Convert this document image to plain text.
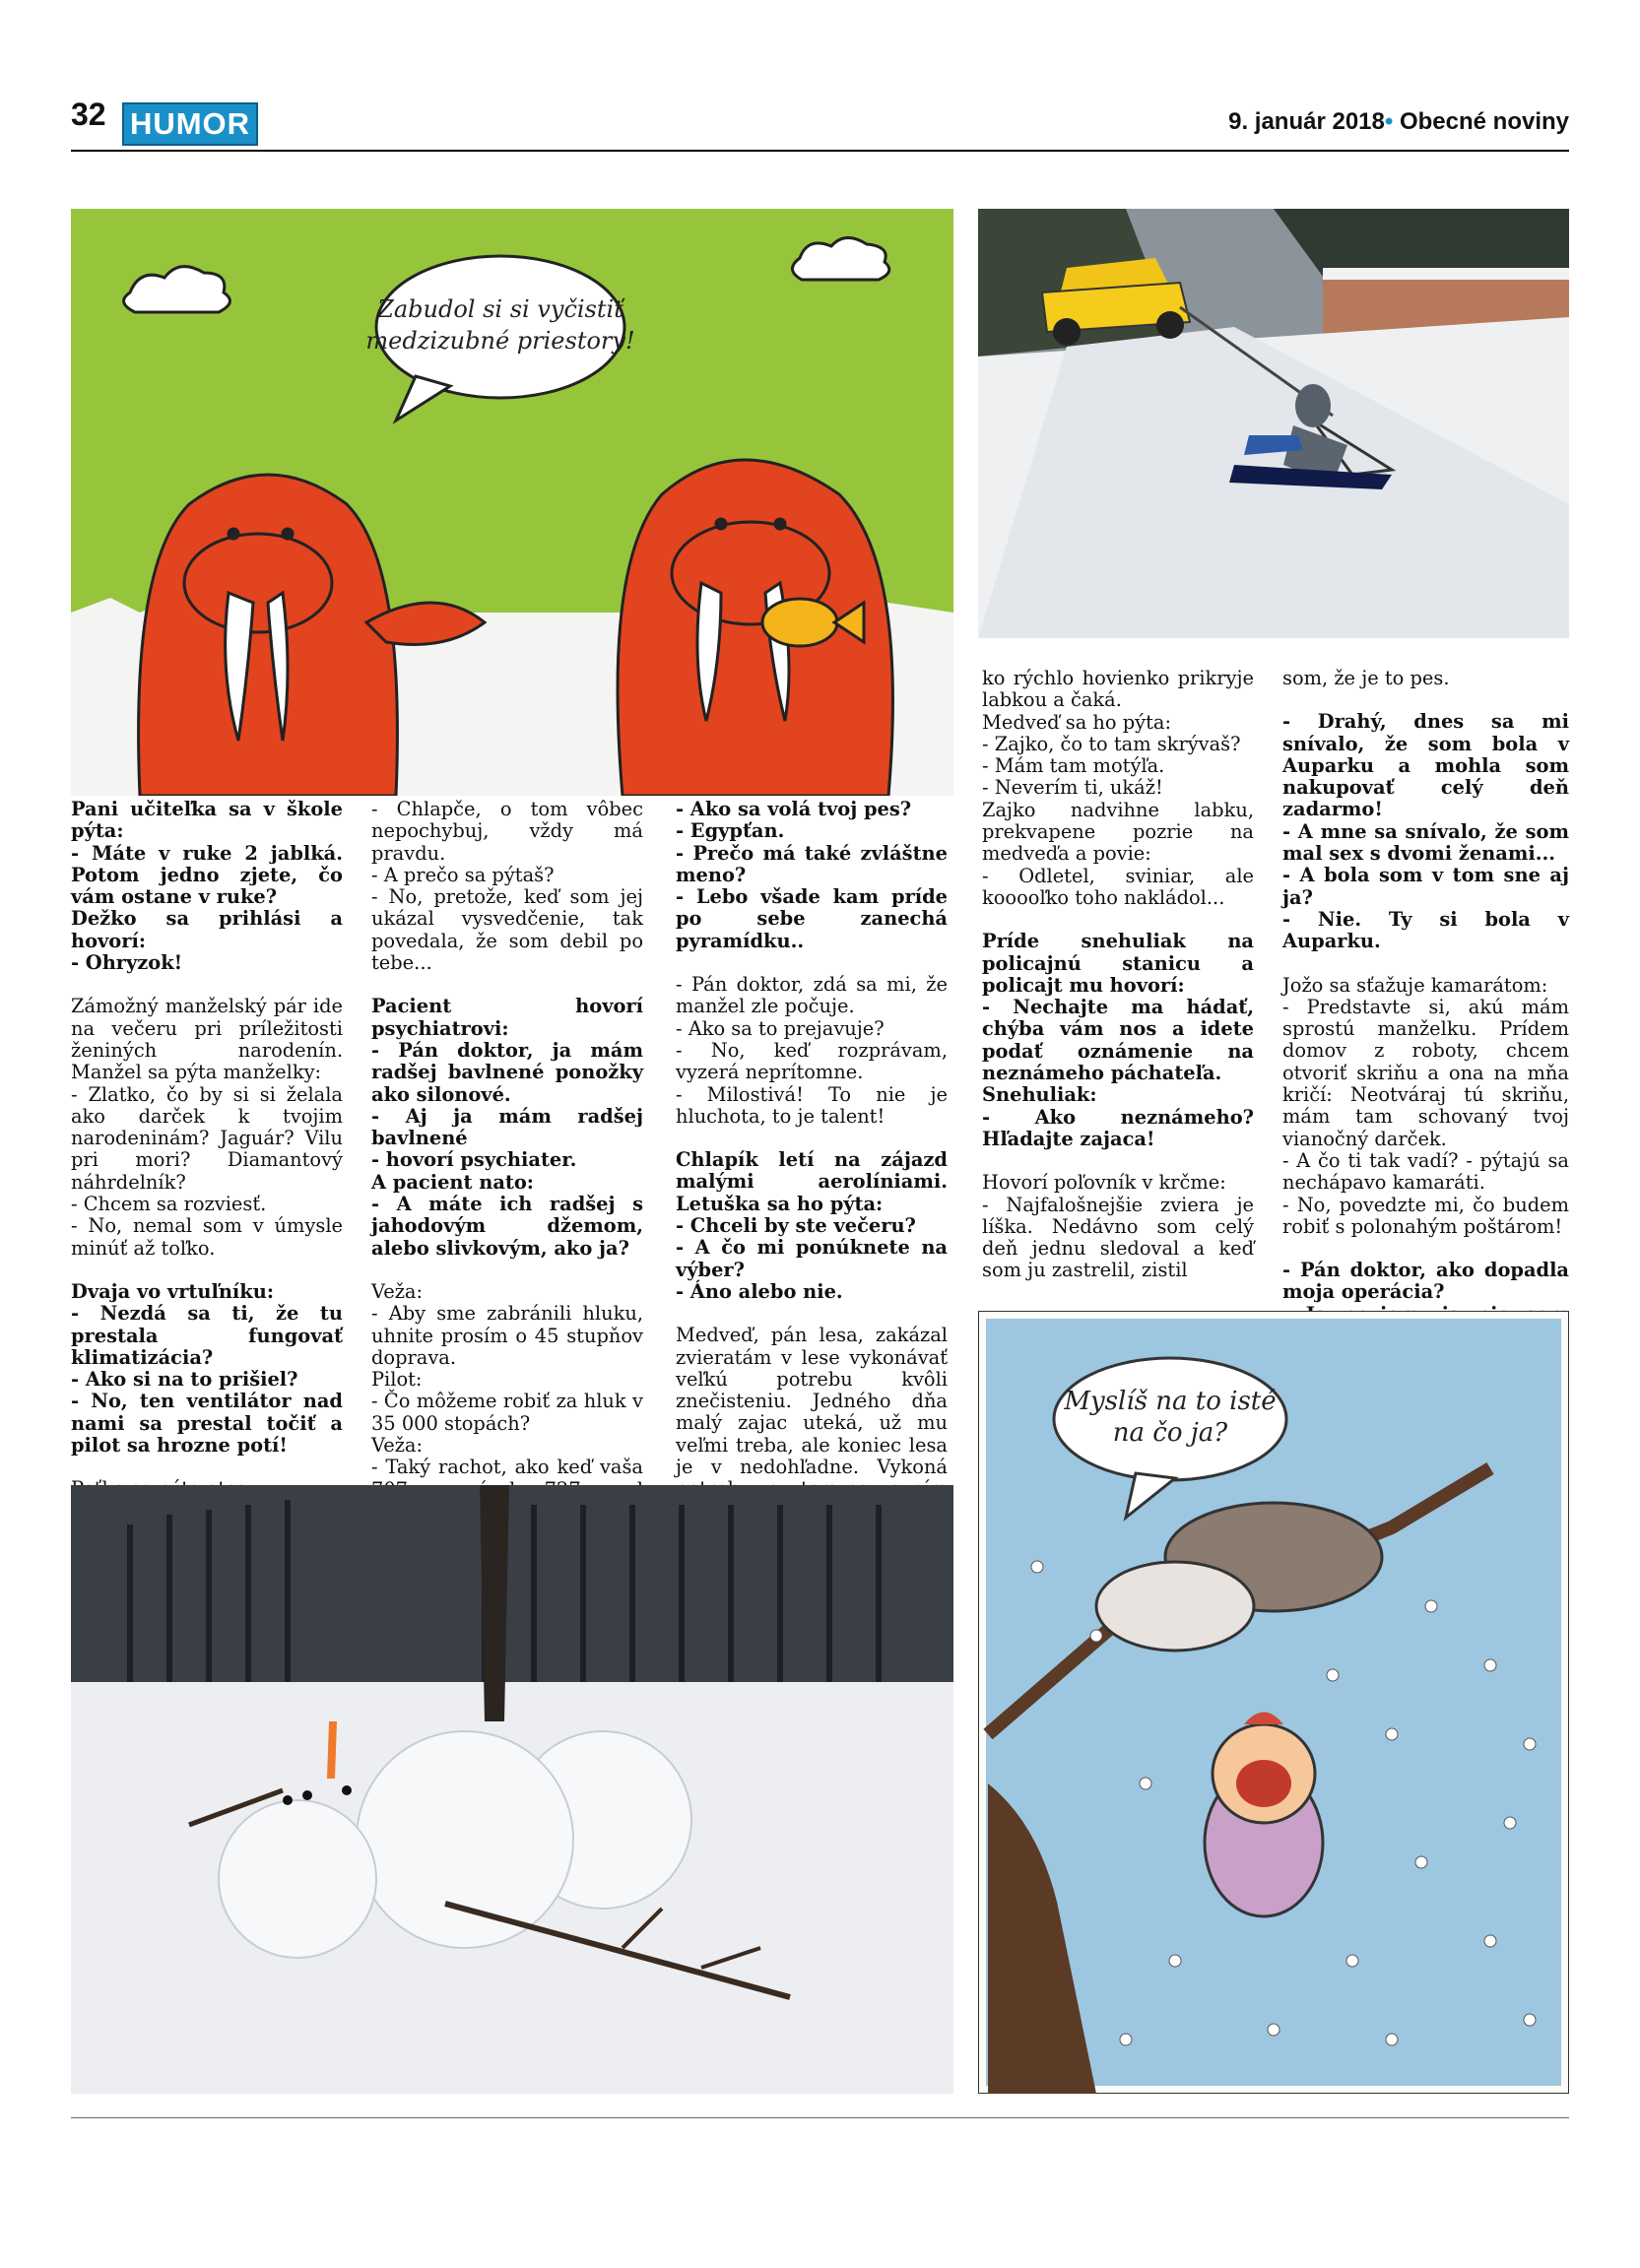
32 HUMOR	9. január 2018• Obecné noviny
Zabudol si si vyčistiť
medzizubné priestory!

Pani učiteľka sa v škole pýta:
- Máte v ruke 2 jablká. Potom jedno zjete, čo vám ostane v ruke?
Dežko sa prihlási a hovorí:
- Ohryzok!

Zámožný manželský pár ide na večeru pri príležitosti ženiných narodenín. Manžel sa pýta manželky:
- Zlatko, čo by si si želala ako darček k tvojim narodeninám? Jaguár? Vilu pri mori? Diamantový náhrdelník?
- Chcem sa rozviesť.
- No, nemal som v úmysle minúť až toľko.

Dvaja vo vrtuľníku:
- Nezdá sa ti, že tu prestala fungovať klimatizácia?
- Ako si na to prišiel?
- No, ten ventilátor nad nami sa prestal točiť a pilot sa hrozne potí!

- Chlapče, o tom vôbec nepochybuj, vždy má pravdu.
- A prečo sa pýtaš?
- No, pretože, keď som jej ukázal vysvedčenie, tak povedala, že som debil po tebe...

Pacient hovorí psychiatrovi:
- Pán doktor, ja mám radšej bavlnené ponožky ako silonové.
- Aj ja mám radšej bavlnené
- hovorí psychiater.
A pacient nato:
- A máte ich radšej s jahodovým džemom, alebo slivkovým, ako ja?

Veža:
- Aby sme zabránili hluku, uhnite prosím o 45 stupňov doprava.
Pilot:
- Čo môžeme robiť za hluk v 35 000 stopách?
Veža:
- Taký rachot, ako keď vaša

- Ako sa volá tvoj pes?
- Egypťan.
- Prečo má také zvláštne meno?
- Lebo všade kam príde po sebe zanechá pyramídku..

- Pán doktor, zdá sa mi, že manžel zle počuje.
- Ako sa to prejavuje?
- No, keď rozprávam, vyzerá neprítomne.
- Milostivá! To nie je hluchota, to je talent!

Chlapík letí na zájazd malými aerolíniami. Letuška sa ho pýta:
- Chceli by ste večeru?
- A čo mi ponúknete na výber?
- Áno alebo nie.

Medveď, pán lesa, zakázal zvieratám v lese vykonávať veľkú potrebu kvôli znečisteniu. Jedného dňa malý zajac uteká, už mu veľmi treba, ale koniec lesa je v nedohľadne. Vykoná

ko rýchlo hovienko prikryje labkou a čaká.
Medveď sa ho pýta:
- Zajko, čo to tam skrývaš?
- Mám tam motýľa.
- Neverím ti, ukáž!
Zajko nadvihne labku, prekvapene pozrie na medveďa a povie:
- Odletel, sviniar, ale kooooľko toho nakládol...

Príde snehuliak na policajnú stanicu a policajt mu hovorí:
- Nechajte ma hádať, chýba vám nos a idete podať oznámenie na neznámeho páchateľa.
Snehuliak:
- Ako neznámeho? Hľadajte zajaca!

Hovorí poľovník v krčme:
- Najfalošnejšie zviera je líška. Nedávno som celý deň jednu sledoval a keď som ju zastrelil, zistil

som, že je to pes.

- Drahý, dnes sa mi snívalo, že som bola v Auparku a mohla som nakupovať celý deň zadarmo!
- A mne sa snívalo, že som mal sex s dvomi ženami...
- A bola som v tom sne aj ja?
- Nie. Ty si bola v Auparku.

Jožo sa sťažuje kamarátom:
- Predstavte si, akú mám sprostú manželku. Prídem domov z roboty, chcem otvoriť skriňu a ona na mňa kričí: Neotváraj tú skriňu, mám tam schovaný tvoj vianočný darček.
- A čo ti tak vadí? - pýtajú sa nechápavo kamaráti.
- No, povedzte mi, čo budem robiť s polonahým poštárom!

- Pán doktor, ako dopadla moja operácia?

Myslíš na to isté
na čo ja?
